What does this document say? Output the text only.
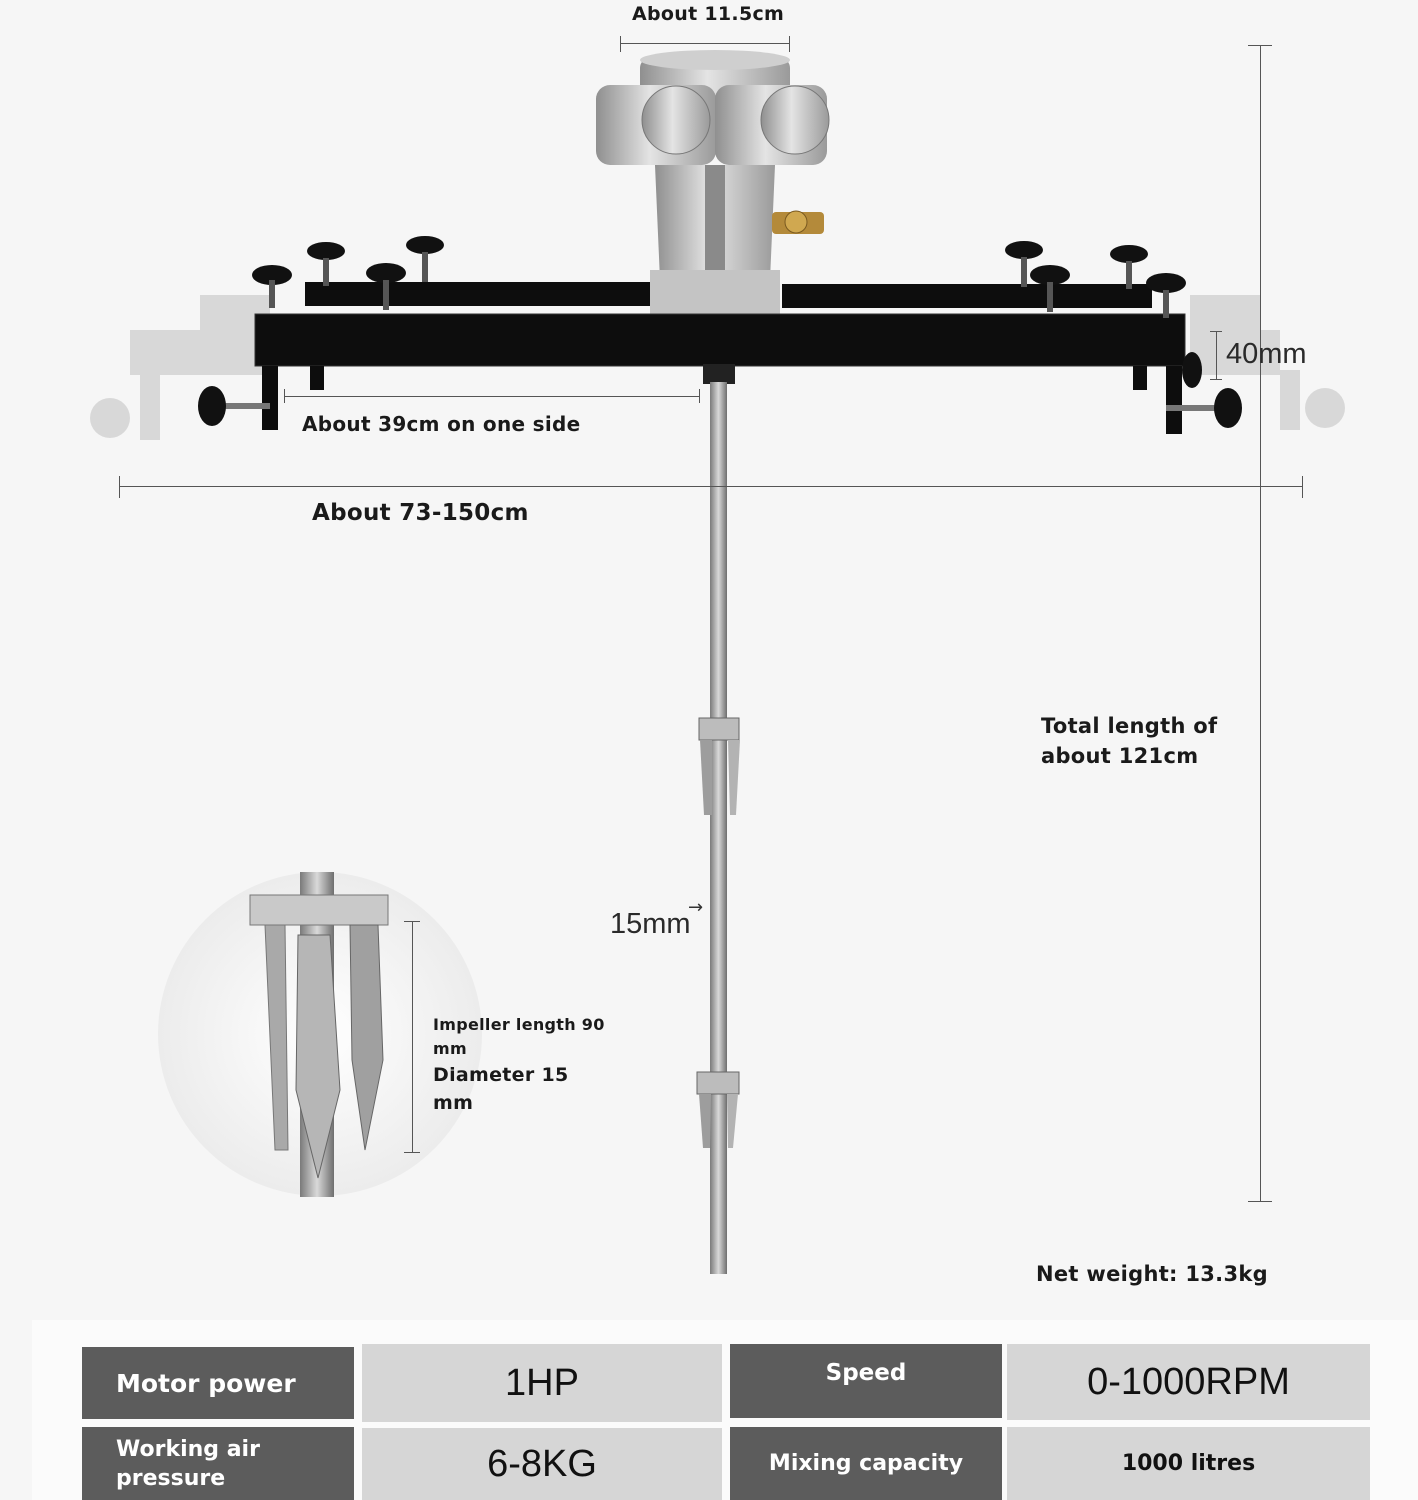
About 11.5cm
40mm
About 39cm on one side
About 73-150cm
Total length of
about 121cm
15mm
→
Impeller length 90
mm
Diameter 15
mm
Net weight: 13.3kg
Motor power	1HP	Speed	0-1000RPM
Working air
pressure	6-8KG	Mixing capacity	1000 litres
